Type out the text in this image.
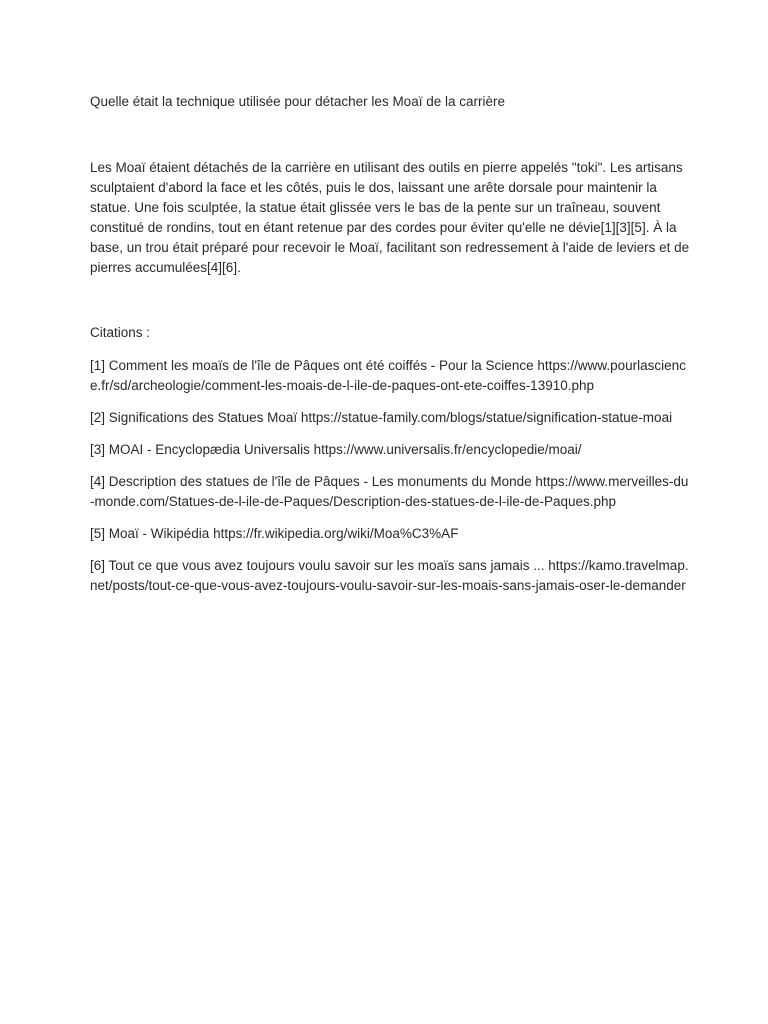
Quelle était la technique utilisée pour détacher les Moaï de la carrière

Les Moaï étaient détachés de la carrière en utilisant des outils en pierre appelés "toki". Les artisans sculptaient d'abord la face et les côtés, puis le dos, laissant une arête dorsale pour maintenir la statue. Une fois sculptée, la statue était glissée vers le bas de la pente sur un traîneau, souvent constitué de rondins, tout en étant retenue par des cordes pour éviter qu'elle ne dévie[1][3][5]. À la base, un trou était préparé pour recevoir le Moaï, facilitant son redressement à l'aide de leviers et de pierres accumulées[4][6].

Citations :

[1] Comment les moaïs de l'île de Pâques ont été coiffés - Pour la Science https://www.pourlascience.fr/sd/archeologie/comment-les-moais-de-l-ile-de-paques-ont-ete-coiffes-13910.php
[2] Significations des Statues Moaï https://statue-family.com/blogs/statue/signification-statue-moai
[3] MOAI - Encyclopædia Universalis https://www.universalis.fr/encyclopedie/moai/
[4] Description des statues de l'île de Pâques - Les monuments du Monde https://www.merveilles-du-monde.com/Statues-de-l-ile-de-Paques/Description-des-statues-de-l-ile-de-Paques.php
[5] Moaï - Wikipédia https://fr.wikipedia.org/wiki/Moa%C3%AF
[6] Tout ce que vous avez toujours voulu savoir sur les moaïs sans jamais ... https://kamo.travelmap.net/posts/tout-ce-que-vous-avez-toujours-voulu-savoir-sur-les-moais-sans-jamais-oser-le-demander
